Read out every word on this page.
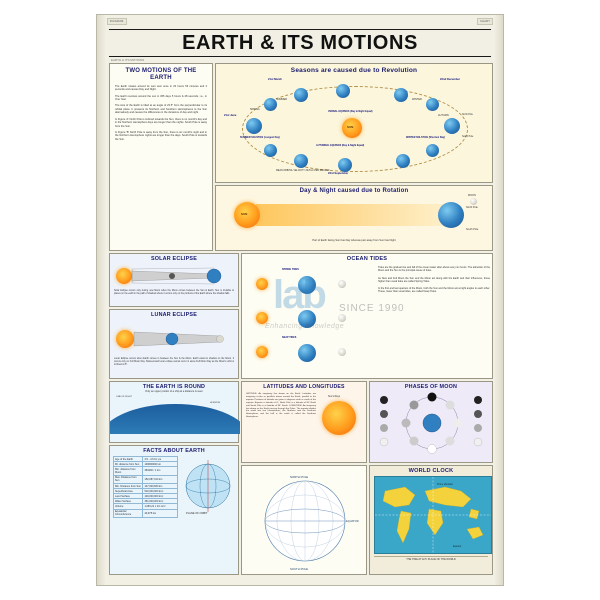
DIAGRAM	CHART
EARTH & ITS MOTIONS
EARTH & ITS MOTIONS
TWO MOTIONS OF THE EARTH

The Earth rotates around its own axis once in 23 hours 56 minutes and 4 seconds and causes Day and Night.

The Earth revolves around the sun in 365 days 5 hours & 48 seconds, i.e., in One Year.

The Axis of the Earth is tilted at an angle of 23.5° from the perpendicular to its orbital plane. It presents its Northern and Southern Hemispheres to the Sun alternatively and causes the differences in the durations of day and night.

In Figure 'A' North Pole is inclined towards the Sun, there is no month's day and in the Northern Hemisphere days are longer than the nights. South Pole is away from the Sun.

In Figure 'B' North Pole is away from the Sun, there is six month's night and in the Northern Hemisphere nights are longer than the days. South Pole is towards the Sun.

Seasons are caused due to Revolution
SUN
21st March
VERNAL EQUINOX (Day & Night Equal)
SUMMER SOLSTICE (Longest Day)
AUTUMNAL EQUINOX (Day & Night Equal)
WINTER SOLSTICE (Shortest Day)
22nd December
21st June
23rd September
SUMMER
SPRING
WINTER
AUTUMN
MEAN ORBITAL VELOCITY 29.8 km PER SECOND
North Pole
South Pole
Day & Night caused due to Rotation
SUN
MOON
North Pole
South Pole
Part of Earth facing Sun has Day whereas part away from Sun has Night
SOLAR ECLIPSE
Solar Eclipse occurs only during new Moon when the Moon comes between the Sun & Earth. Sun is invisible to places on the earth in the path of shadow where it occurs only on the portions of the Earth where the shadow falls.
LUNAR ECLIPSE
Lunar Eclipse occurs when Earth comes in between the Sun & the Moon. Earth casts its shadow on the Moon. It occurs only on Full Moon Day. Sidereal and lunar eclipse cannot occur in same Full Moon Day as the Moon's orbit is inclined at 5°.
OCEAN TIDES
SPRING TIDES
NEAP TIDES

Tides are the gradual rise and fall of the ocean water after about every six hours. The attraction of the Moon and the Sun is the principal cause of tides.

As New and Full Moon the Sun and the Moon act along with the Earth and their influences, these higher than usual tides are called Spring Tides.

In the first and last quarters of the Moon, both the Sun and the Moon act at right angles to each other. These, lower than usual tides, are called Neap Tides.

LATITUDES AND LONGITUDES
LATITUDE: An imaginary line drawn on the Earth. Latitudes are imaginary circles or parallels drawn around the Earth, parallel to the equator. Positions of latitude are given in degrees north or south of the equator. Equator is latitude of 0°, North Pole is a latitude of 90° North and South Pole is at latitude of 90° South. LONGITUDE: An imaginary line drawn on the Earth passing through the Poles. The equator divides the world into two hemispheres, the Northern and the Southern Hemisphere, and the half is the south is called the Southern Hemisphere.
Sun's Rays
PHASES OF MOON
THE EARTH IS ROUND
Only an upper portion of a ship at a distance is seen
LINE OF SIGHT
HORIZON
FACTS ABOUT EARTH
Age of the Earth	4.5 - 4.6 bn yrs
Mt. distance from Sun	149600000 km
Min. distance from Moon	384400 / 1 km
Max. Distance from Sun	152,087,010 km
Min. Distance from Sun	147,000,830 km
Superficial Area	510,000,000 km²
Land Surface	149,000,000 km²
Water Surface	361,000,000 km²
Volume	1,083,21 x 10⁹ km³
Equatorial Circumference	40,075 km	PLANE OF ORBIT
NORTH POLE
SOUTH POLE
EQUATOR
WORLD CLOCK
Prime Meridian
Equator
THE TIME AT ANY PLACE OF THE WORLD
lab SINCE 1990
Enhancing Knowledge
